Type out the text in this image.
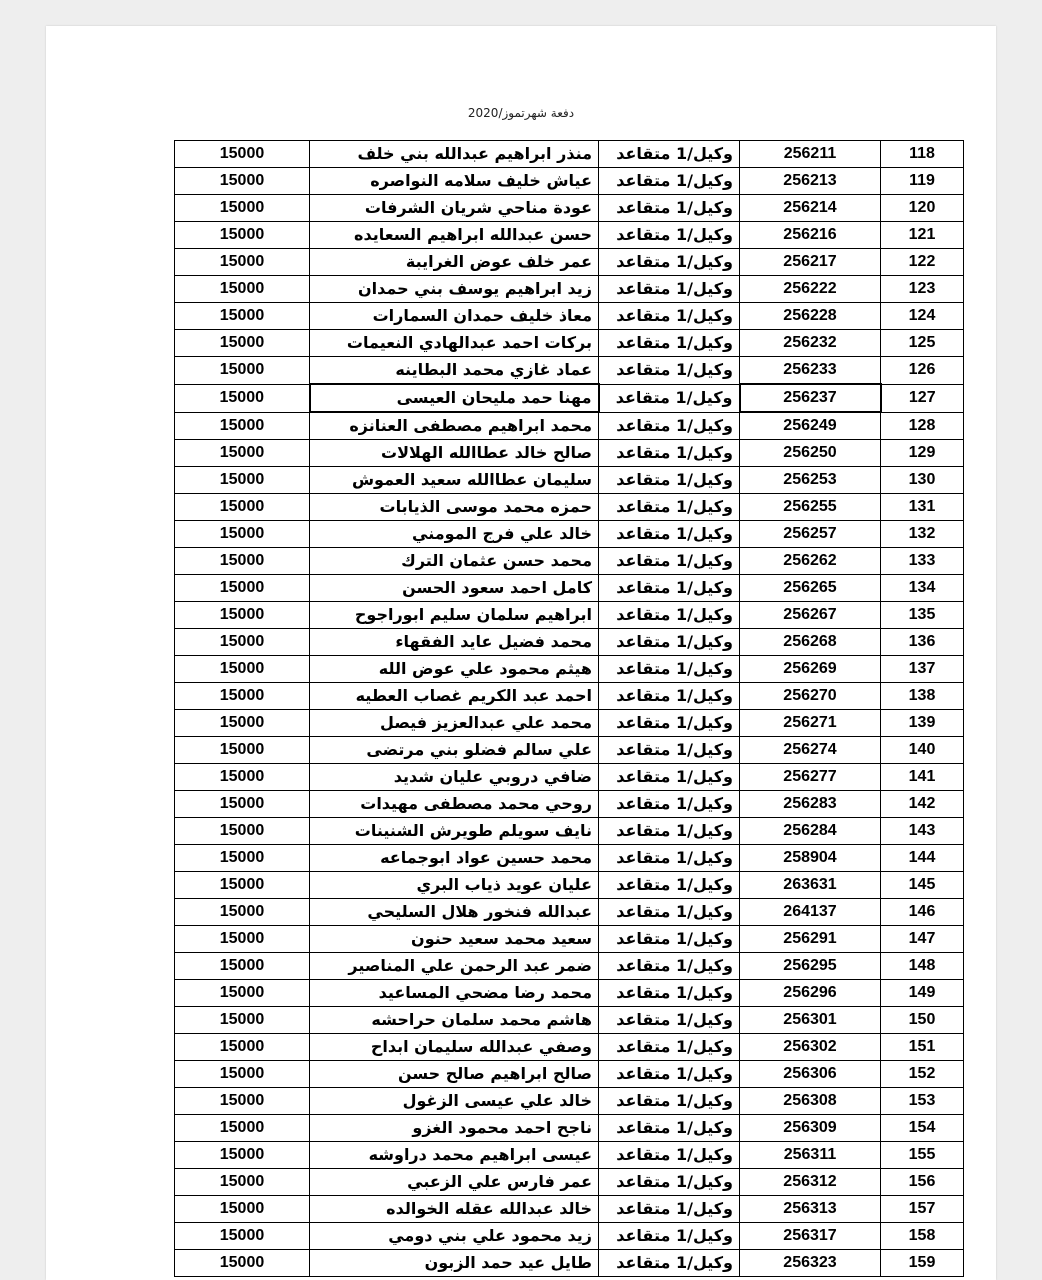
دفعة شهرتموز/2020
118	256211	وكيل/1 متقاعد	منذر ابراهيم عبدالله بني خلف	15000
119	256213	وكيل/1 متقاعد	عياش خليف سلامه النواصره	15000
120	256214	وكيل/1 متقاعد	عودة مناحي شريان الشرفات	15000
121	256216	وكيل/1 متقاعد	حسن عبدالله ابراهيم السعايده	15000
122	256217	وكيل/1 متقاعد	عمر خلف عوض الغرايبة	15000
123	256222	وكيل/1 متقاعد	زيد ابراهيم يوسف بني حمدان	15000
124	256228	وكيل/1 متقاعد	معاذ خليف حمدان السمارات	15000
125	256232	وكيل/1 متقاعد	بركات احمد عبدالهادي النعيمات	15000
126	256233	وكيل/1 متقاعد	عماد غازي محمد البطاينه	15000
127	256237	وكيل/1 متقاعد	مهنا حمد مليحان العيسى	15000
128	256249	وكيل/1 متقاعد	محمد ابراهيم مصطفى العنانزه	15000
129	256250	وكيل/1 متقاعد	صالح خالد عطاالله الهلالات	15000
130	256253	وكيل/1 متقاعد	سليمان عطاالله سعيد العموش	15000
131	256255	وكيل/1 متقاعد	حمزه محمد موسى الذيابات	15000
132	256257	وكيل/1 متقاعد	خالد علي فرج المومني	15000
133	256262	وكيل/1 متقاعد	محمد حسن عثمان الترك	15000
134	256265	وكيل/1 متقاعد	كامل احمد سعود الحسن	15000
135	256267	وكيل/1 متقاعد	ابراهيم سلمان سليم ابوراجوح	15000
136	256268	وكيل/1 متقاعد	محمد فضيل عايد الفقهاء	15000
137	256269	وكيل/1 متقاعد	هيثم محمود علي عوض الله	15000
138	256270	وكيل/1 متقاعد	احمد عبد الكريم غصاب العطيه	15000
139	256271	وكيل/1 متقاعد	محمد علي عبدالعزيز فيصل	15000
140	256274	وكيل/1 متقاعد	علي سالم فضلو بني مرتضى	15000
141	256277	وكيل/1 متقاعد	ضافي دروبي عليان شديد	15000
142	256283	وكيل/1 متقاعد	روحي محمد مصطفى مهيدات	15000
143	256284	وكيل/1 متقاعد	نايف سويلم طويرش الشنينات	15000
144	258904	وكيل/1 متقاعد	محمد حسين عواد ابوجماعه	15000
145	263631	وكيل/1 متقاعد	عليان عويد ذياب البري	15000
146	264137	وكيل/1 متقاعد	عبدالله فنخور هلال السليحي	15000
147	256291	وكيل/1 متقاعد	سعيد محمد سعيد حنون	15000
148	256295	وكيل/1 متقاعد	ضمر عبد الرحمن علي المناصير	15000
149	256296	وكيل/1 متقاعد	محمد رضا مضحي المساعيد	15000
150	256301	وكيل/1 متقاعد	هاشم محمد سلمان حراحشه	15000
151	256302	وكيل/1 متقاعد	وصفي عبدالله سليمان ابداح	15000
152	256306	وكيل/1 متقاعد	صالح ابراهيم صالح حسن	15000
153	256308	وكيل/1 متقاعد	خالد علي عيسى الزغول	15000
154	256309	وكيل/1 متقاعد	ناجح احمد محمود الغزو	15000
155	256311	وكيل/1 متقاعد	عيسى ابراهيم محمد دراوشه	15000
156	256312	وكيل/1 متقاعد	عمر فارس علي الزعبي	15000
157	256313	وكيل/1 متقاعد	خالد عبدالله عقله الخوالده	15000
158	256317	وكيل/1 متقاعد	زيد محمود علي بني دومي	15000
159	256323	وكيل/1 متقاعد	طايل عيد حمد الزبون	15000
